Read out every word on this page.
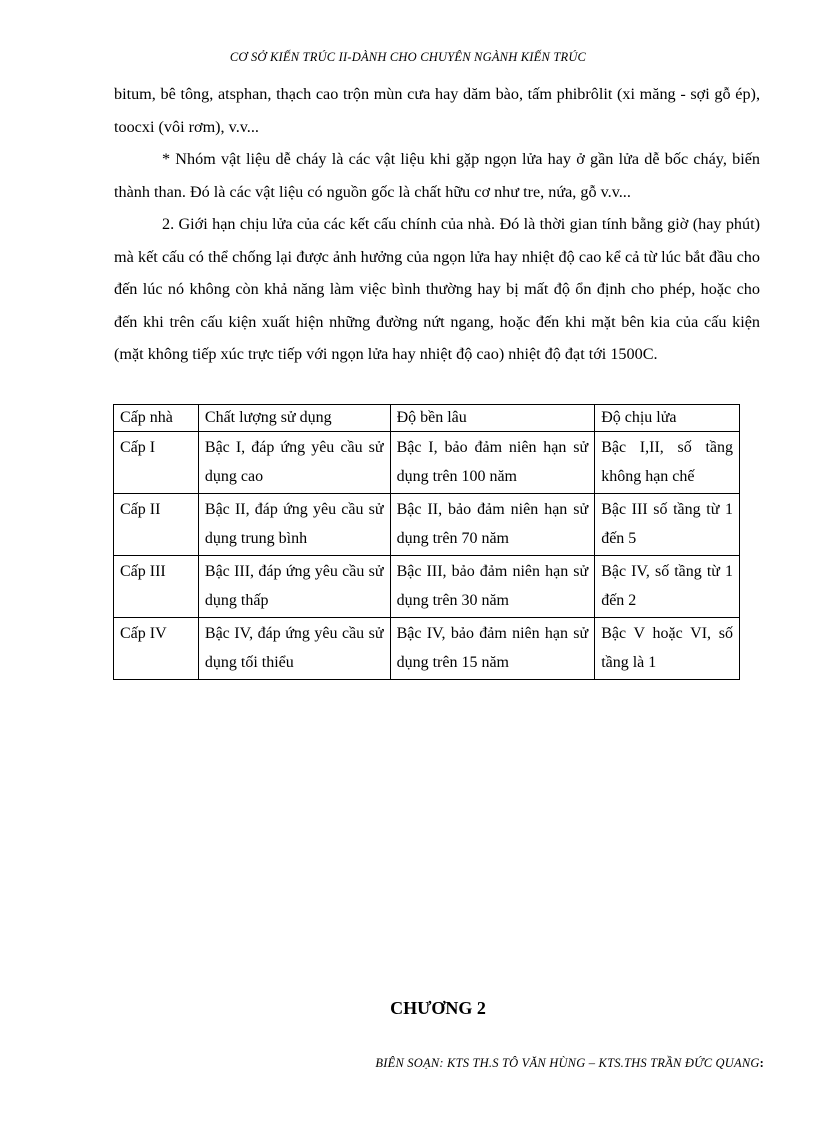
CƠ SỞ KIẾN TRÚC II-DÀNH CHO CHUYÊN NGÀNH KIẾN TRÚC

bitum, bê tông, atsphan, thạch cao trộn mùn cưa hay dăm bào, tấm phibrôlit (xi măng - sợi gỗ ép), toocxi (vôi rơm), v.v...

* Nhóm vật liệu dễ cháy là các vật liệu khi gặp ngọn lửa hay ở gần lửa dễ bốc cháy, biến thành than. Đó là các vật liệu có nguồn gốc là chất hữu cơ như tre, nứa, gỗ v.v...

2. Giới hạn chịu lửa của các kết cấu chính của nhà. Đó là thời gian tính bằng giờ (hay phút) mà kết cấu có thể chống lại được ảnh hưởng của ngọn lửa hay nhiệt độ cao kể cả từ lúc bắt đầu cho đến lúc nó không còn khả năng làm việc bình thường hay bị mất độ ổn định cho phép, hoặc cho đến khi trên cấu kiện xuất hiện những đường nứt ngang, hoặc đến khi mặt bên kia của cấu kiện (mặt không tiếp xúc trực tiếp với ngọn lửa hay nhiệt độ cao) nhiệt độ đạt tới 1500C.

Cấp nhà	Chất lượng sử dụng	Độ bền lâu	Độ chịu lửa
Cấp I	Bậc I, đáp ứng yêu cầu sử dụng cao	Bậc I, bảo đảm niên hạn sử dụng trên 100 năm	Bậc I,II, số tầng không hạn chế
Cấp II	Bậc II, đáp ứng yêu cầu sử dụng trung bình	Bậc II, bảo đảm niên hạn sử dụng trên 70 năm	Bậc III số tầng từ 1 đến 5
Cấp III	Bậc III, đáp ứng yêu cầu sử dụng thấp	Bậc III, bảo đảm niên hạn sử dụng trên 30 năm	Bậc IV, số tầng từ 1 đến 2
Cấp IV	Bậc IV, đáp ứng yêu cầu sử dụng tối thiểu	Bậc IV, bảo đảm niên hạn sử dụng trên 15 năm	Bậc V hoặc VI, số tầng là 1
CHƯƠNG 2
BIÊN SOẠN: KTS TH.S TÔ VĂN HÙNG – KTS.THS TRẦN ĐỨC QUANG:
